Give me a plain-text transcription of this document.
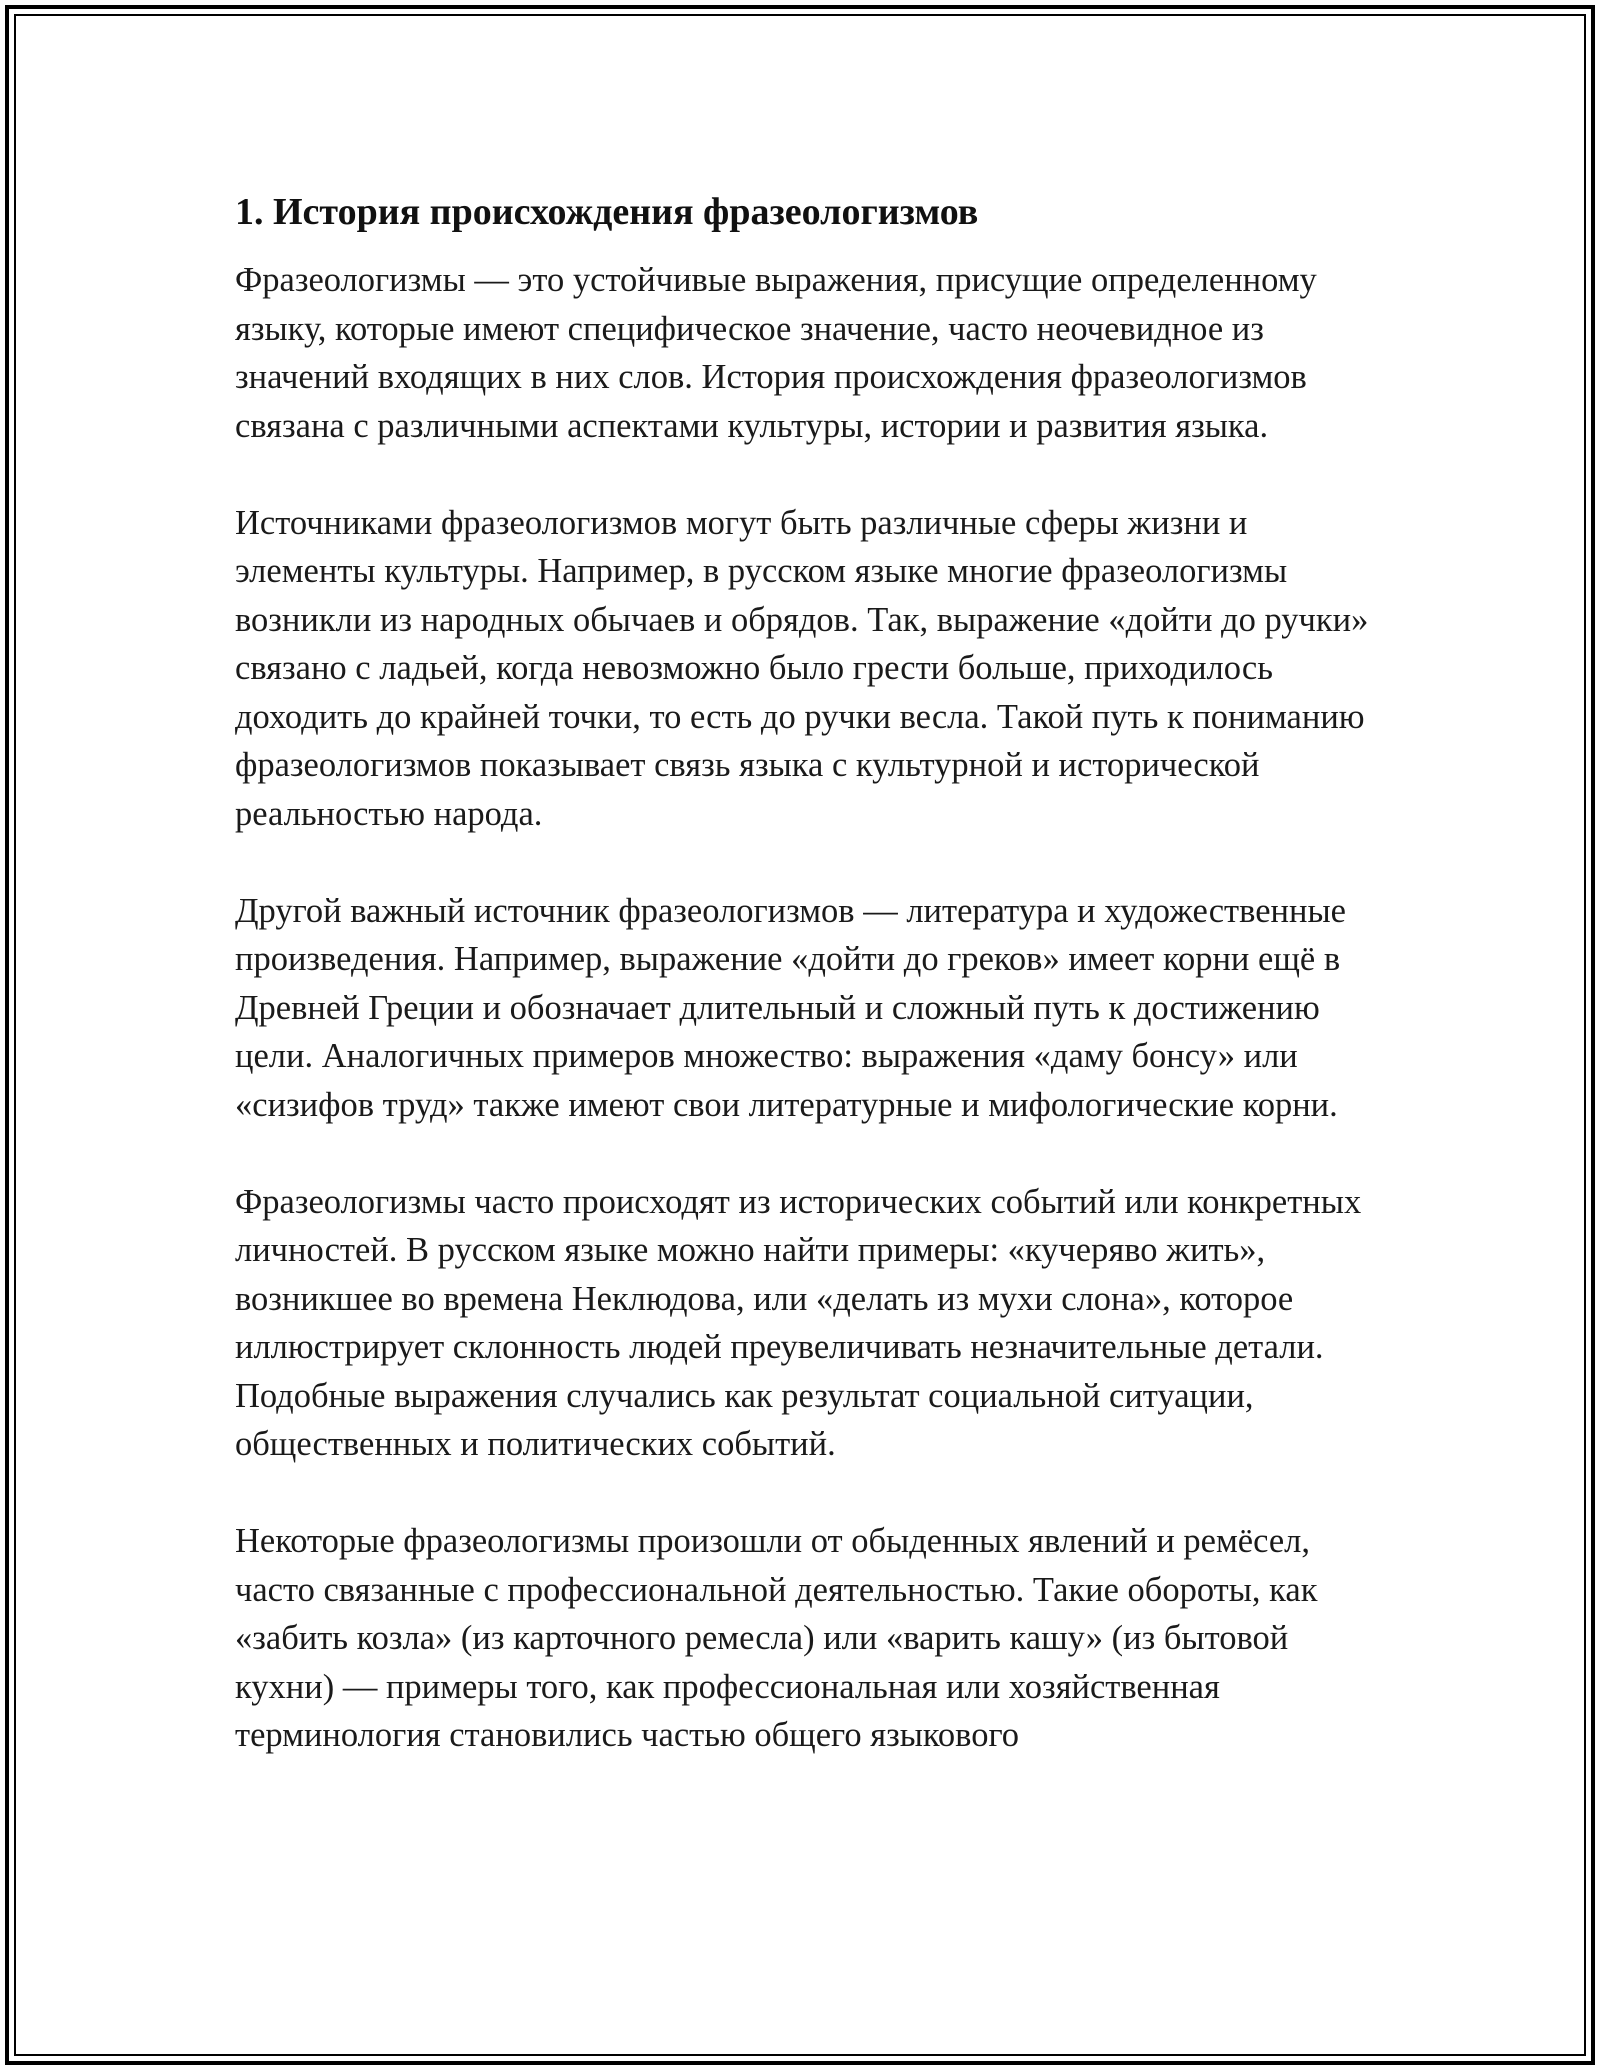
1. История происхождения фразеологизмов

Фразеологизмы — это устойчивые выражения, присущие определенному языку, которые имеют специфическое значение, часто неочевидное из значений входящих в них слов. История происхождения фразеологизмов связана с различными аспектами культуры, истории и развития языка.

Источниками фразеологизмов могут быть различные сферы жизни и элементы культуры. Например, в русском языке многие фразеологизмы возникли из народных обычаев и обрядов. Так, выражение «дойти до ручки» связано с ладьей, когда невозможно было грести больше, приходилось доходить до крайней точки, то есть до ручки весла. Такой путь к пониманию фразеологизмов показывает связь языка с культурной и исторической реальностью народа.

Другой важный источник фразеологизмов — литература и художественные произведения. Например, выражение «дойти до греков» имеет корни ещё в Древней Греции и обозначает длительный и сложный путь к достижению цели. Аналогичных примеров множество: выражения «даму бонсу» или «сизифов труд» также имеют свои литературные и мифологические корни.

Фразеологизмы часто происходят из исторических событий или конкретных личностей. В русском языке можно найти примеры: «кучеряво жить», возникшее во времена Неклюдова, или «делать из мухи слона», которое иллюстрирует склонность людей преувеличивать незначительные детали. Подобные выражения случались как результат социальной ситуации, общественных и политических событий.

Некоторые фразеологизмы произошли от обыденных явлений и ремёсел, часто связанные с профессиональной деятельностью. Такие обороты, как «забить козла» (из карточного ремесла) или «варить кашу» (из бытовой кухни) — примеры того, как профессиональная или хозяйственная терминология становились частью общего языкового
